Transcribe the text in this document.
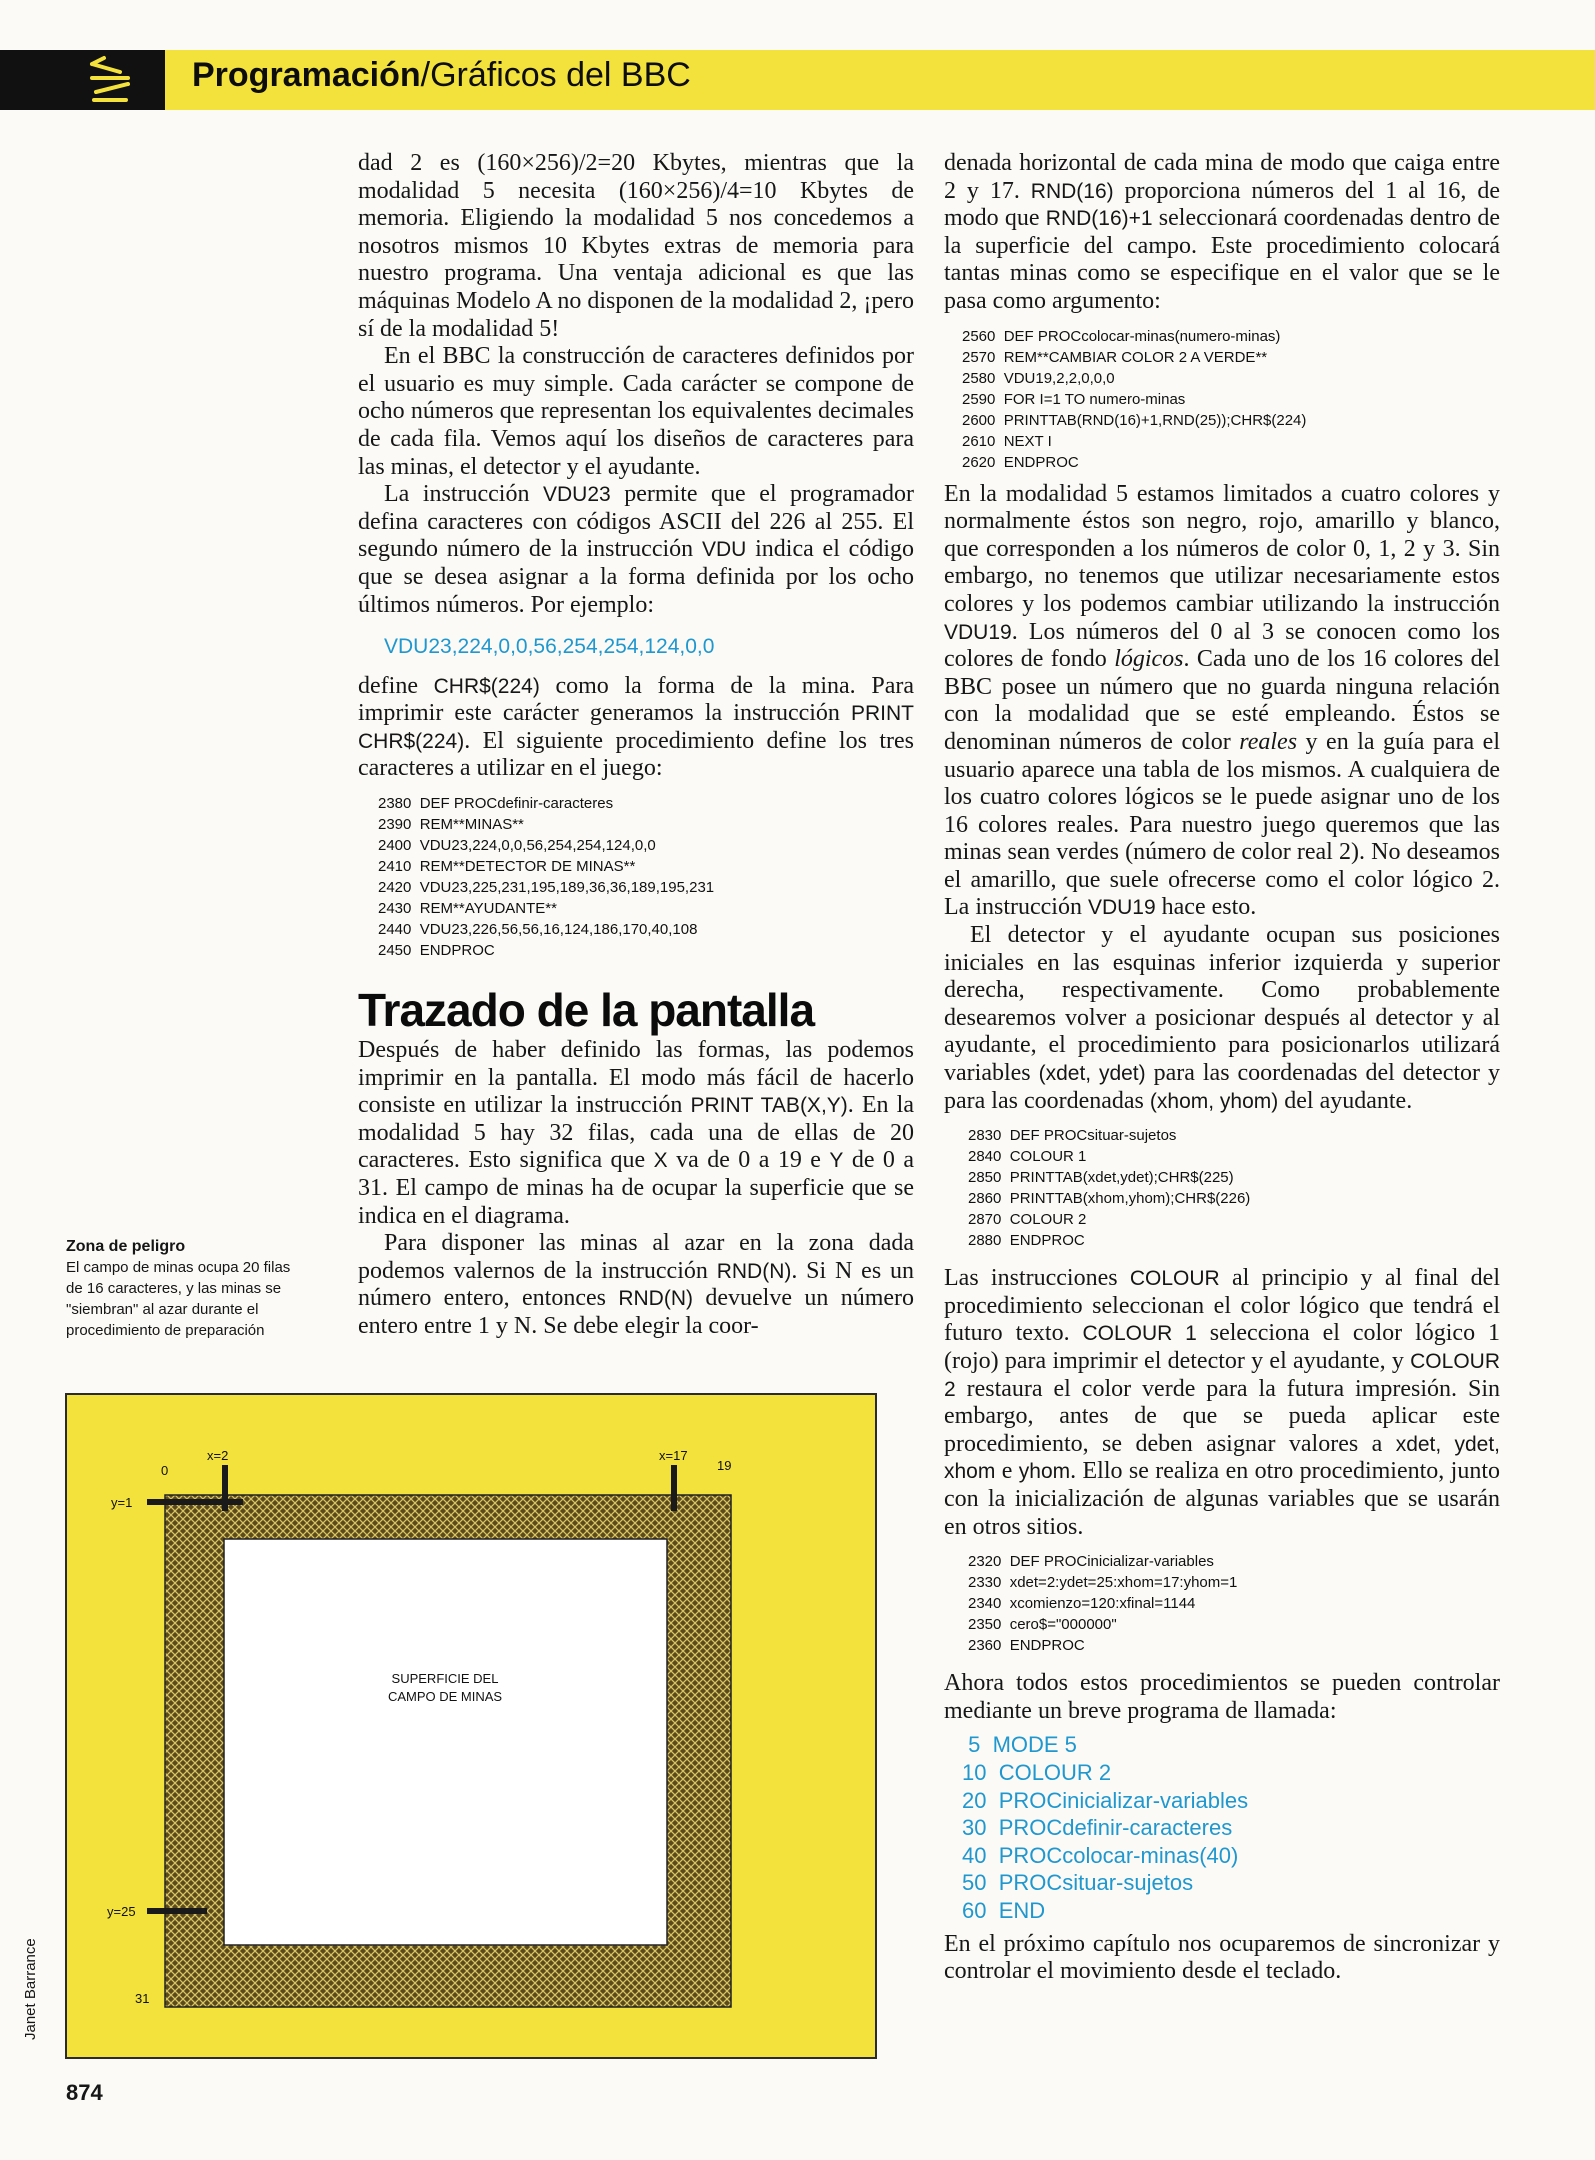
Programación/Gráficos del BBC

dad 2 es (160×256)/2=20 Kbytes, mientras que la modalidad 5 necesita (160×256)/4=10 Kbytes de memoria. Eligiendo la modalidad 5 nos concedemos a nosotros mismos 10 Kbytes extras de memoria para nuestro programa. Una ventaja adicional es que las máquinas Modelo A no disponen de la modalidad 2, ¡pero sí de la modalidad 5!

En el BBC la construcción de caracteres definidos por el usuario es muy simple. Cada carácter se compone de ocho números que representan los equivalentes decimales de cada fila. Vemos aquí los diseños de caracteres para las minas, el detector y el ayudante.

La instrucción VDU23 permite que el programador defina caracteres con códigos ASCII del 226 al 255. El segundo número de la instrucción VDU indica el código que se desea asignar a la forma definida por los ocho últimos números. Por ejemplo:

VDU23,224,0,0,56,254,254,124,0,0

define CHR$(224) como la forma de la mina. Para imprimir este carácter generamos la instrucción PRINT CHR$(224). El siguiente procedimiento define los tres caracteres a utilizar en el juego:

2380  DEF PROCdefinir-caracteres
2390  REM**MINAS**
2400  VDU23,224,0,0,56,254,254,124,0,0
2410  REM**DETECTOR DE MINAS**
2420  VDU23,225,231,195,189,36,36,189,195,231
2430  REM**AYUDANTE**
2440  VDU23,226,56,56,16,124,186,170,40,108
2450  ENDPROC
Trazado de la pantalla

Después de haber definido las formas, las podemos imprimir en la pantalla. El modo más fácil de hacerlo consiste en utilizar la instrucción PRINT TAB(X,Y). En la modalidad 5 hay 32 filas, cada una de ellas de 20 caracteres. Esto significa que X va de 0 a 19 e Y de 0 a 31. El campo de minas ha de ocupar la superficie que se indica en el diagrama.

Para disponer las minas al azar en la zona dada podemos valernos de la instrucción RND(N). Si N es un número entero, entonces RND(N) devuelve un número entero entre 1 y N. Se debe elegir la coor-

Zona de peligro
El campo de minas ocupa 20 filas de 16 caracteres, y las minas se "siembran" al azar durante el procedimiento de preparación
0
x=2	x=17
19
y=1
y=25
31
SUPERFICIE DEL
CAMPO DE MINAS

denada horizontal de cada mina de modo que caiga entre 2 y 17. RND(16) proporciona números del 1 al 16, de modo que RND(16)+1 seleccionará coordenadas dentro de la superficie del campo. Este procedimiento colocará tantas minas como se especifique en el valor que se le pasa como argumento:

2560  DEF PROCcolocar-minas(numero-minas)
2570  REM**CAMBIAR COLOR 2 A VERDE**
2580  VDU19,2,2,0,0,0
2590  FOR I=1 TO numero-minas
2600  PRINTTAB(RND(16)+1,RND(25));CHR$(224)
2610  NEXT I
2620  ENDPROC

En la modalidad 5 estamos limitados a cuatro colores y normalmente éstos son negro, rojo, amarillo y blanco, que corresponden a los números de color 0, 1, 2 y 3. Sin embargo, no tenemos que utilizar necesariamente estos colores y los podemos cambiar utilizando la instrucción VDU19. Los números del 0 al 3 se conocen como los colores de fondo lógicos. Cada uno de los 16 colores del BBC posee un número que no guarda ninguna relación con la modalidad que se esté empleando. Éstos se denominan números de color reales y en la guía para el usuario aparece una tabla de los mismos. A cualquiera de los cuatro colores lógicos se le puede asignar uno de los 16 colores reales. Para nuestro juego queremos que las minas sean verdes (número de color real 2). No deseamos el amarillo, que suele ofrecerse como el color lógico 2. La instrucción VDU19 hace esto.

El detector y el ayudante ocupan sus posiciones iniciales en las esquinas inferior izquierda y superior derecha, respectivamente. Como probablemente desearemos volver a posicionar después al detector y al ayudante, el procedimiento para posicionarlos utilizará variables (xdet, ydet) para las coordenadas del detector y para las coordenadas (xhom, yhom) del ayudante.

2830  DEF PROCsituar-sujetos
2840  COLOUR 1
2850  PRINTTAB(xdet,ydet);CHR$(225)
2860  PRINTTAB(xhom,yhom);CHR$(226)
2870  COLOUR 2
2880  ENDPROC

Las instrucciones COLOUR al principio y al final del procedimiento seleccionan el color lógico que tendrá el futuro texto. COLOUR 1 selecciona el color lógico 1 (rojo) para imprimir el detector y el ayudante, y COLOUR 2 restaura el color verde para la futura impresión. Sin embargo, antes de que se pueda aplicar este procedimiento, se deben asignar valores a xdet, ydet, xhom e yhom. Ello se realiza en otro procedimiento, junto con la inicialización de algunas variables que se usarán en otros sitios.

2320  DEF PROCinicializar-variables
2330  xdet=2:ydet=25:xhom=17:yhom=1
2340  xcomienzo=120:xfinal=1144
2350  cero$="000000"
2360  ENDPROC

Ahora todos estos procedimientos se pueden controlar mediante un breve programa de llamada:

5  MODE 5
10  COLOUR 2
20  PROCinicializar-variables
30  PROCdefinir-caracteres
40  PROCcolocar-minas(40)
50  PROCsituar-sujetos
60  END

En el próximo capítulo nos ocuparemos de sincronizar y controlar el movimiento desde el teclado.

Janet Barrance
874
